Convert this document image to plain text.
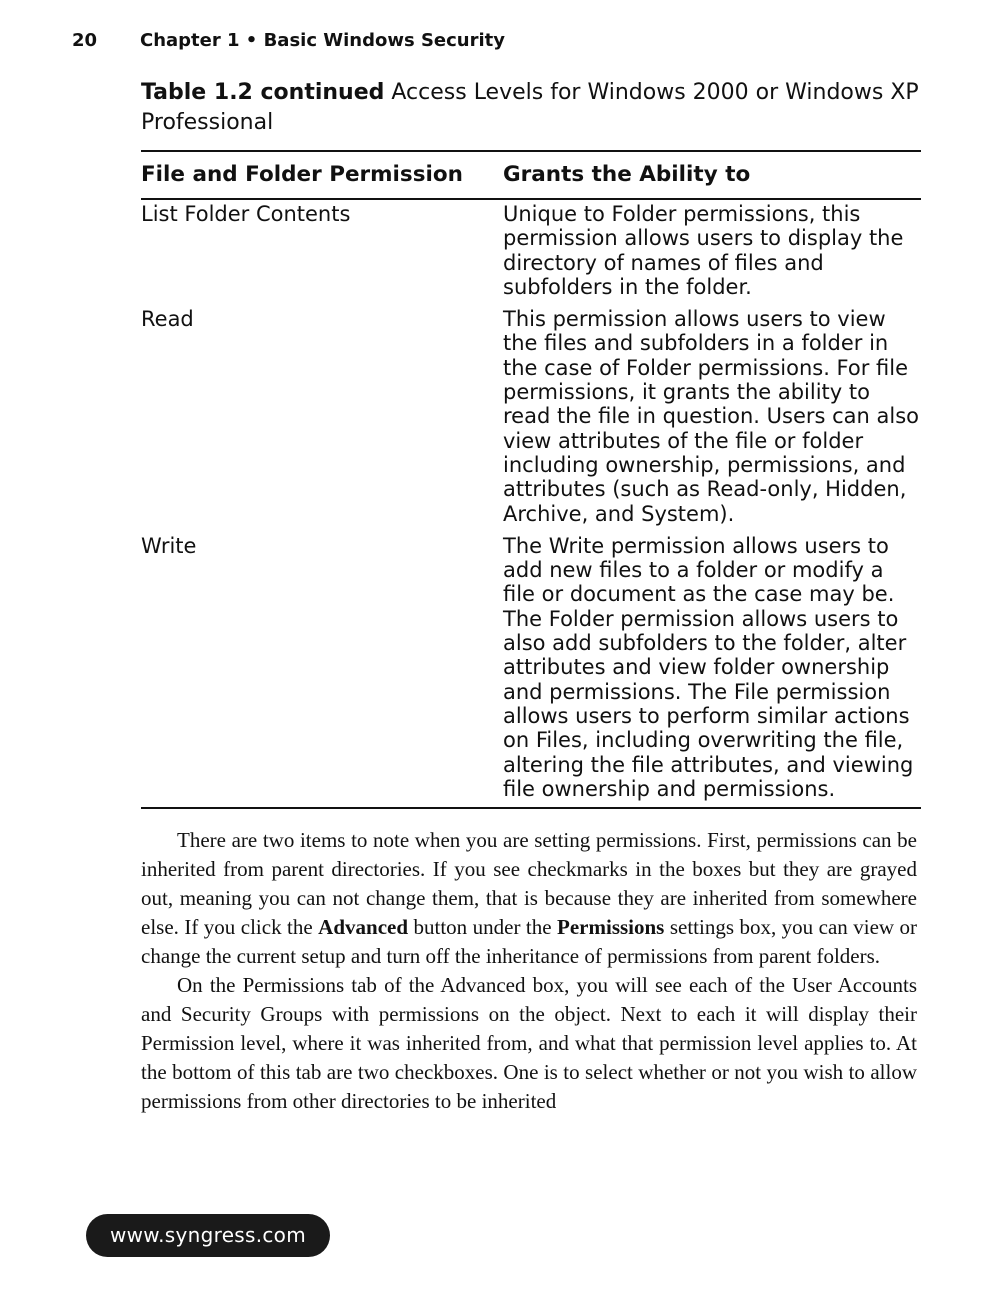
20 Chapter 1 • Basic Windows Security
Table 1.2 continued Access Levels for Windows 2000 or Windows XP Professional
File and Folder Permission	Grants the Ability to
List Folder Contents	Unique to Folder permissions, this permission allows users to display the directory of names of files and subfolders in the folder.
Read	This permission allows users to view the files and subfolders in a folder in the case of Folder permissions. For file permissions, it grants the ability to read the file in question. Users can also view attributes of the file or folder including ownership, permissions, and attributes (such as Read-only, Hidden, Archive, and System).
Write	The Write permission allows users to add new files to a folder or modify a file or document as the case may be. The Folder permission allows users to also add subfolders to the folder, alter attributes and view folder ownership and permissions. The File permission allows users to perform similar actions on Files, including overwriting the file, altering the file attributes, and viewing file ownership and permissions.

There are two items to note when you are setting permissions. First, permissions can be inherited from parent directories. If you see checkmarks in the boxes but they are grayed out, meaning you can not change them, that is because they are inherited from somewhere else. If you click the Advanced button under the Permissions settings box, you can view or change the current setup and turn off the inheritance of permissions from parent folders.

On the Permissions tab of the Advanced box, you will see each of the User Accounts and Security Groups with permissions on the object. Next to each it will display their Permission level, where it was inherited from, and what that permission level applies to. At the bottom of this tab are two checkboxes. One is to select whether or not you wish to allow permissions from other directories to be inherited

www.syngress.com
